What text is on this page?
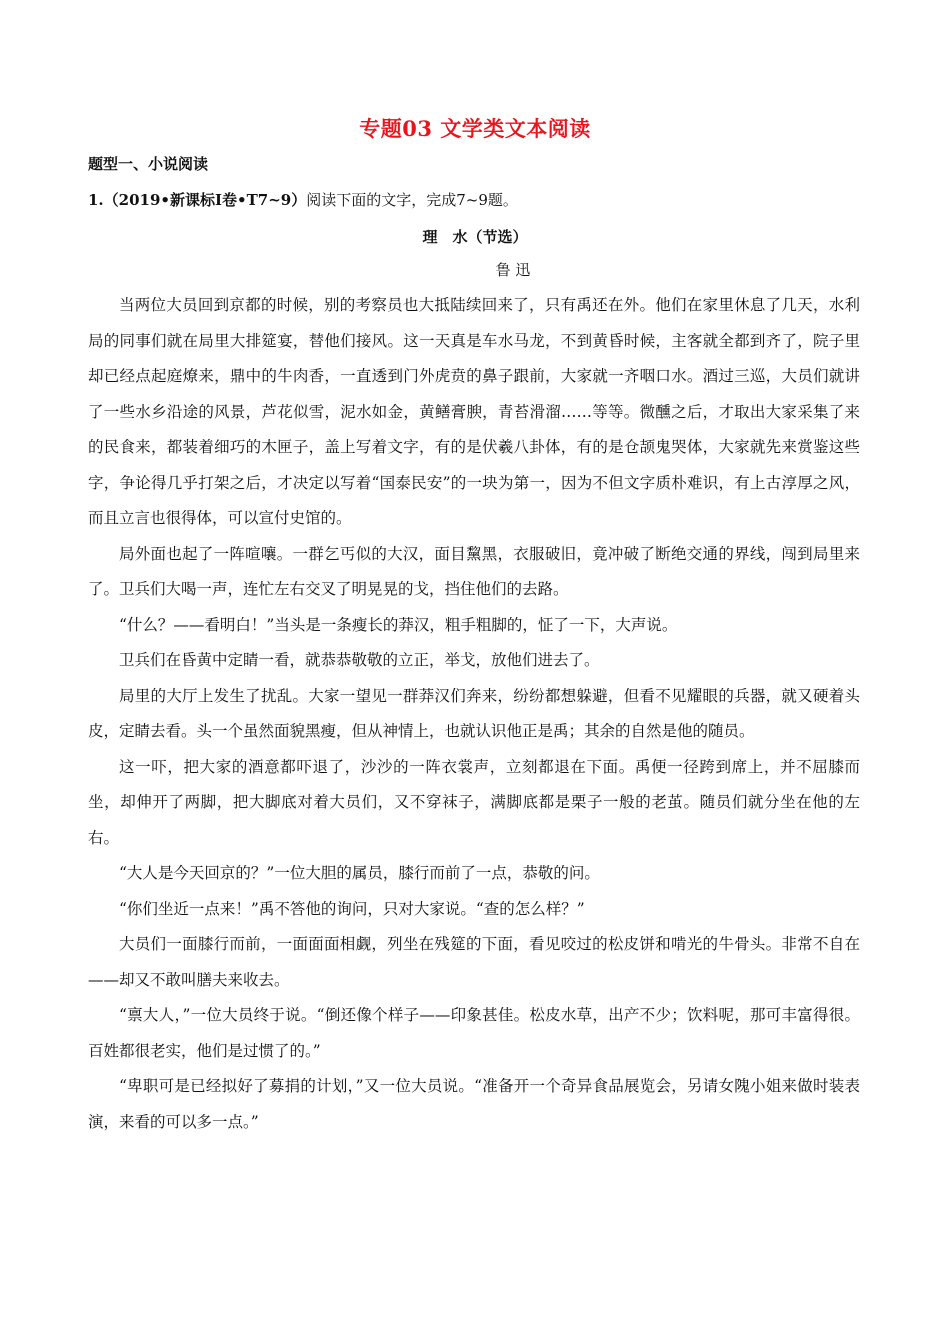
专题03 文学类文本阅读
题型一、小说阅读
1.（2019•新课标Ⅰ卷•T7~9）阅读下面的文字，完成7~9题。
理　水（节选）
鲁 迅

当两位大员回到京都的时候，别的考察员也大抵陆续回来了，只有禹还在外。他们在家里休息了几天，水利局的同事们就在局里大排筵宴，替他们接风。这一天真是车水马龙，不到黄昏时候，主客就全都到齐了，院子里却已经点起庭燎来，鼎中的牛肉香，一直透到门外虎贲的鼻子跟前，大家就一齐咽口水。酒过三巡，大员们就讲了一些水乡沿途的风景，芦花似雪，泥水如金，黄鳝膏腴，青苔滑溜……等等。微醺之后，才取出大家采集了来的民食来，都装着细巧的木匣子，盖上写着文字，有的是伏羲八卦体，有的是仓颉鬼哭体，大家就先来赏鉴这些字，争论得几乎打架之后，才决定以写着“国泰民安”的一块为第一，因为不但文字质朴难识，有上古淳厚之风，而且立言也很得体，可以宣付史馆的。

局外面也起了一阵喧嚷。一群乞丐似的大汉，面目黧黑，衣服破旧，竟冲破了断绝交通的界线，闯到局里来了。卫兵们大喝一声，连忙左右交叉了明晃晃的戈，挡住他们的去路。

“什么？——看明白！”当头是一条瘦长的莽汉，粗手粗脚的，怔了一下，大声说。

卫兵们在昏黄中定睛一看，就恭恭敬敬的立正，举戈，放他们进去了。

局里的大厅上发生了扰乱。大家一望见一群莽汉们奔来，纷纷都想躲避，但看不见耀眼的兵器，就又硬着头皮，定睛去看。头一个虽然面貌黑瘦，但从神情上，也就认识他正是禹；其余的自然是他的随员。

这一吓，把大家的酒意都吓退了，沙沙的一阵衣裳声，立刻都退在下面。禹便一径跨到席上，并不屈膝而坐，却伸开了两脚，把大脚底对着大员们，又不穿袜子，满脚底都是栗子一般的老茧。随员们就分坐在他的左右。

“大人是今天回京的？”一位大胆的属员，膝行而前了一点，恭敬的问。

“你们坐近一点来！”禹不答他的询问，只对大家说。“查的怎么样？”

大员们一面膝行而前，一面面面相觑，列坐在残筵的下面，看见咬过的松皮饼和啃光的牛骨头。非常不自在——却又不敢叫膳夫来收去。

“禀大人，”一位大员终于说。“倒还像个样子——印象甚佳。松皮水草，出产不少；饮料呢，那可丰富得很。百姓都很老实，他们是过惯了的。”

“卑职可是已经拟好了募捐的计划，”又一位大员说。“准备开一个奇异食品展览会，另请女隗小姐来做时装表演，来看的可以多一点。”
